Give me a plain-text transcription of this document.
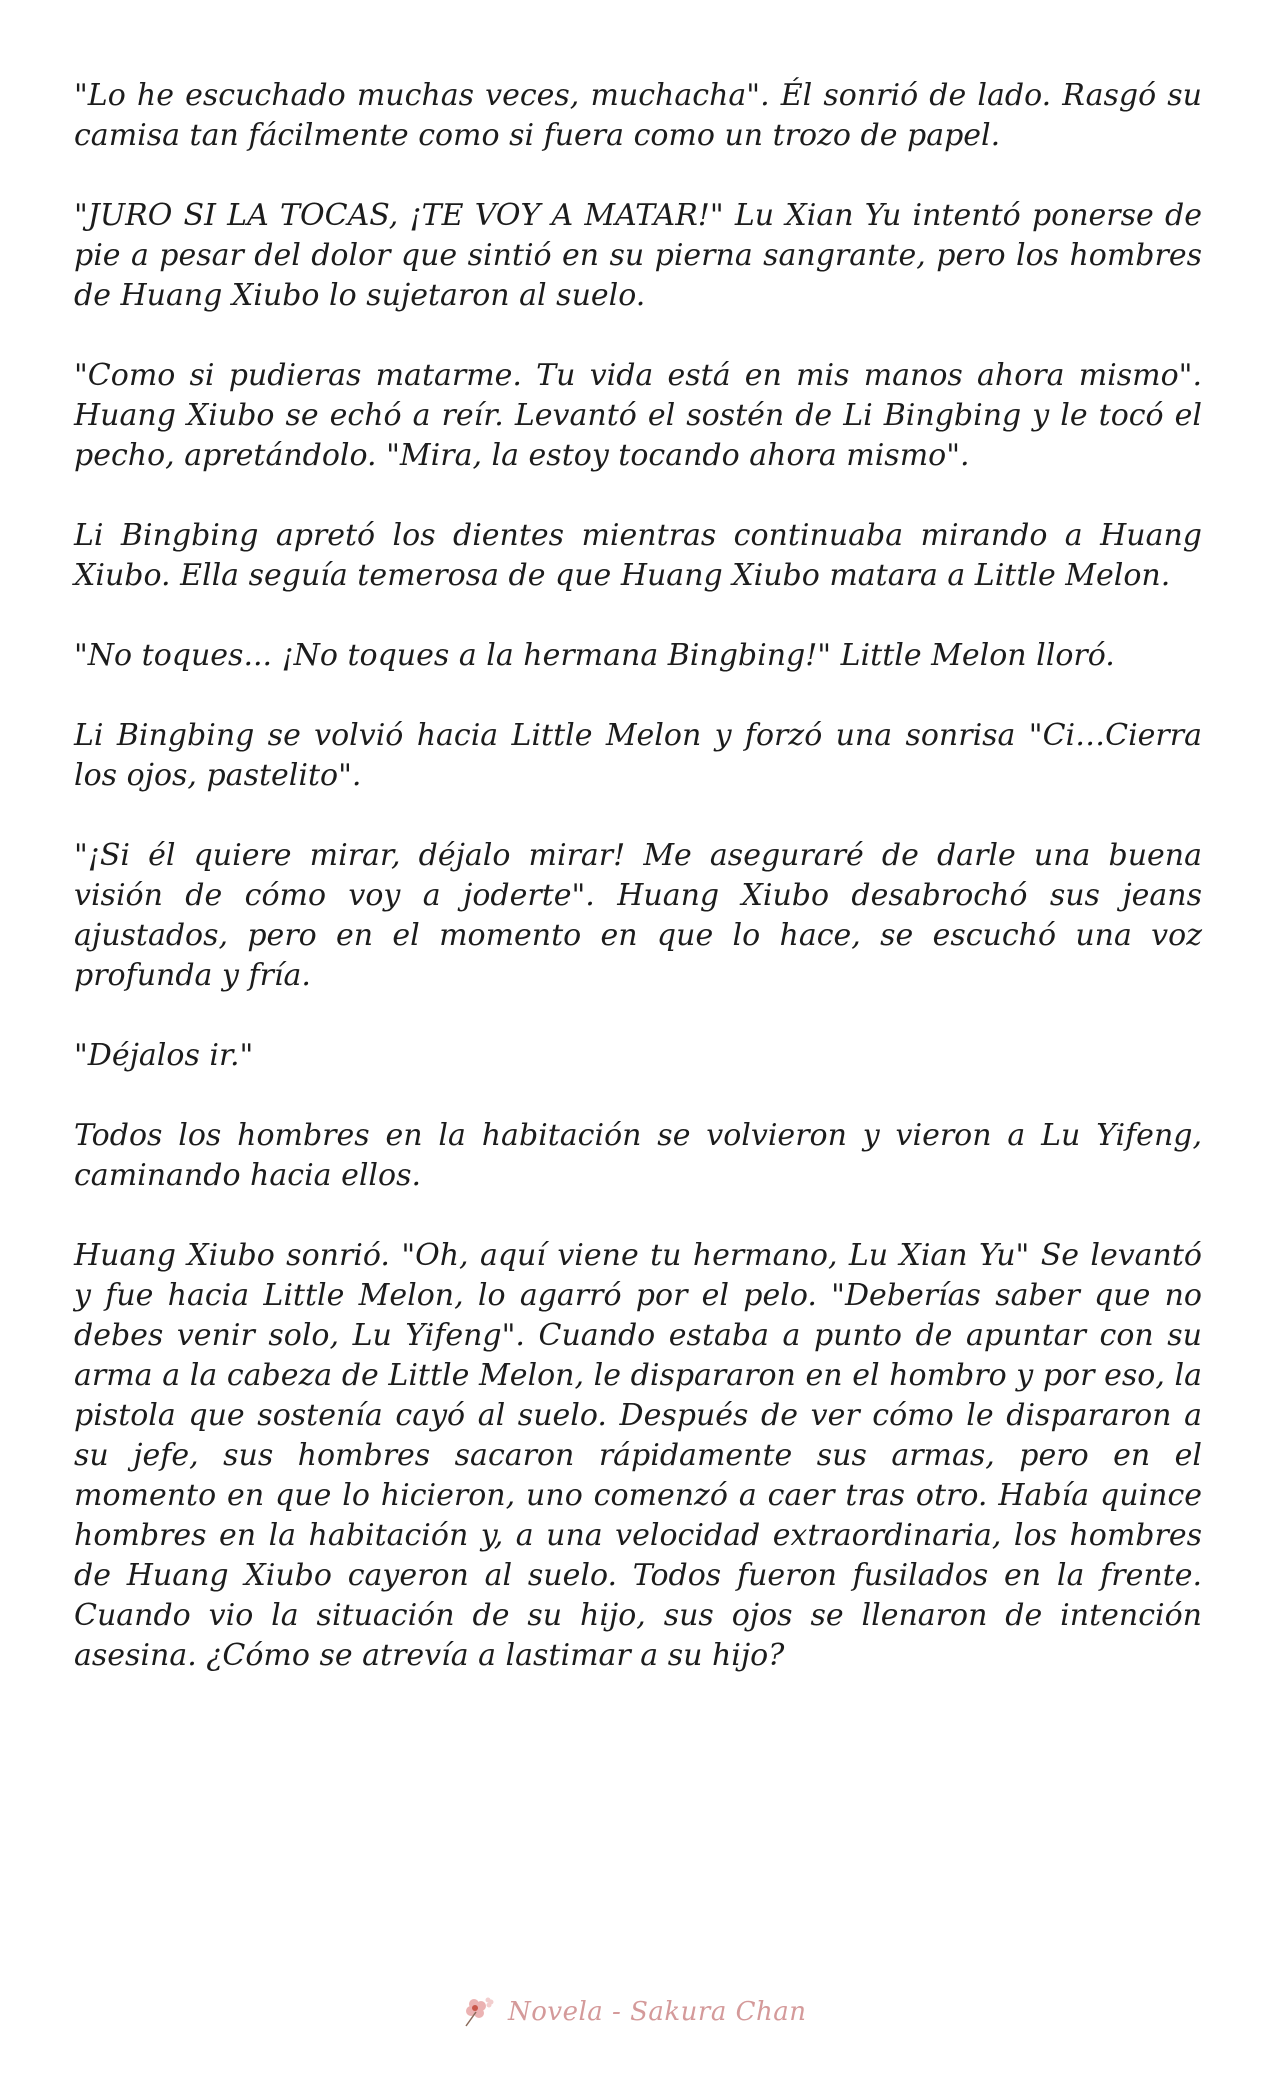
"Lo he escuchado muchas veces, muchacha". Él sonrió de lado. Rasgó su camisa tan fácilmente como si fuera como un trozo de papel.

"JURO SI LA TOCAS, ¡TE VOY A MATAR!" Lu Xian Yu intentó ponerse de pie a pesar del dolor que sintió en su pierna sangrante, pero los hombres de Huang Xiubo lo sujetaron al suelo.

"Como si pudieras matarme. Tu vida está en mis manos ahora mismo". Huang Xiubo se echó a reír. Levantó el sostén de Li Bingbing y le tocó el pecho, apretándolo. "Mira, la estoy tocando ahora mismo".

Li Bingbing apretó los dientes mientras continuaba mirando a Huang Xiubo. Ella seguía temerosa de que Huang Xiubo matara a Little Melon.

"No toques... ¡No toques a la hermana Bingbing!" Little Melon lloró.

Li Bingbing se volvió hacia Little Melon y forzó una sonrisa "Ci…Cierra los ojos, pastelito".

"¡Si él quiere mirar, déjalo mirar! Me aseguraré de darle una buena visión de cómo voy a joderte". Huang Xiubo desabrochó sus jeans ajustados, pero en el momento en que lo hace, se escuchó una voz profunda y fría.

"Déjalos ir."

Todos los hombres en la habitación se volvieron y vieron a Lu Yifeng, caminando hacia ellos.

Huang Xiubo sonrió. "Oh, aquí viene tu hermano, Lu Xian Yu" Se levantó y fue hacia Little Melon, lo agarró por el pelo. "Deberías saber que no debes venir solo, Lu Yifeng". Cuando estaba a punto de apuntar con su arma a la cabeza de Little Melon, le dispararon en el hombro y por eso, la pistola que sostenía cayó al suelo. Después de ver cómo le dispararon a su jefe, sus hombres sacaron rápidamente sus armas, pero en el momento en que lo hicieron, uno comenzó a caer tras otro. Había quince hombres en la habitación y, a una velocidad extraordinaria, los hombres de Huang Xiubo cayeron al suelo. Todos fueron fusilados en la frente. Cuando vio la situación de su hijo, sus ojos se llenaron de intención asesina. ¿Cómo se atrevía a lastimar a su hijo?

Novela - Sakura Chan
